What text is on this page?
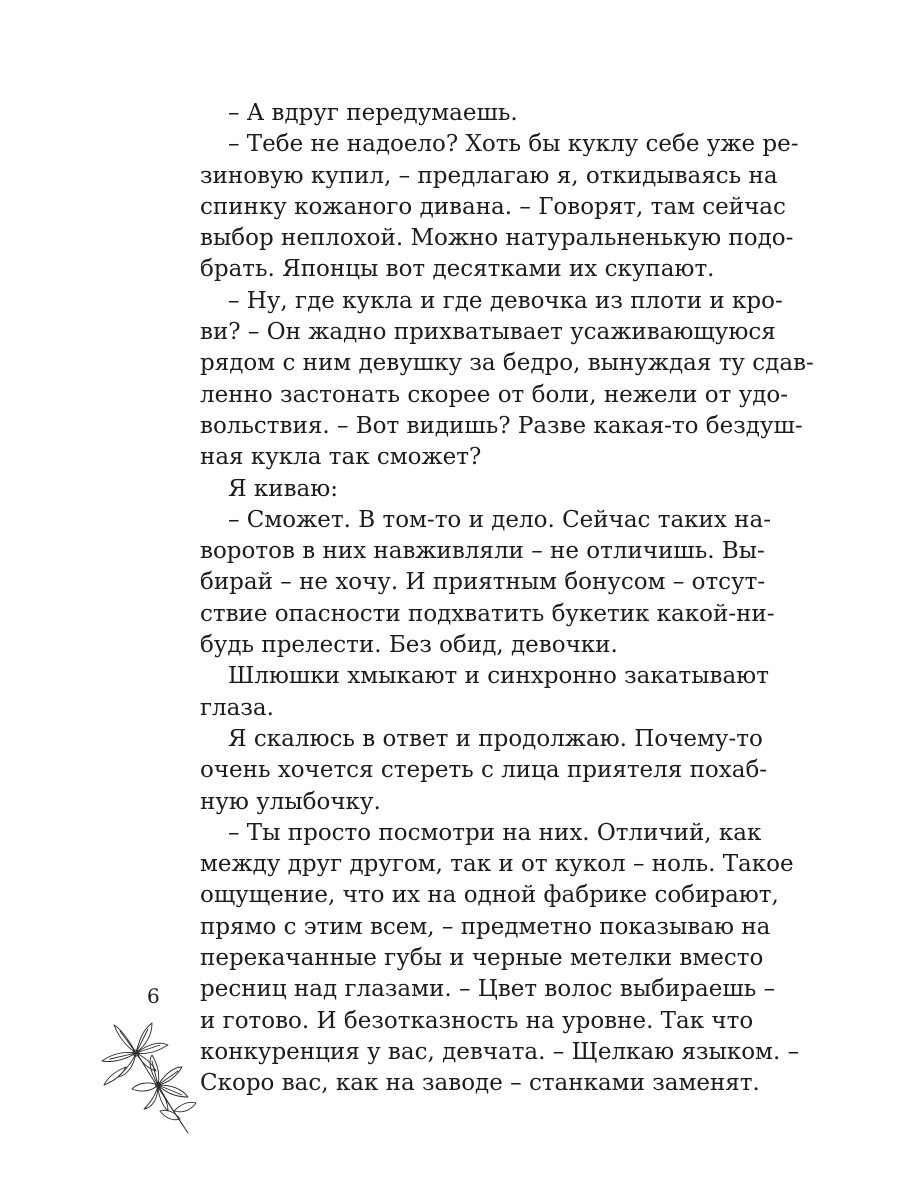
– А вдруг передумаешь.
– Тебе не надоело? Хоть бы куклу себе уже ре-
зиновую купил, – предлагаю я, откидываясь на
спинку кожаного дивана. – Говорят, там сейчас
выбор неплохой. Можно натуральненькую подо-
брать. Японцы вот десятками их скупают.
– Ну, где кукла и где девочка из плоти и кро-
ви? – Он жадно прихватывает усаживающуюся
рядом с ним девушку за бедро, вынуждая ту сдав-
ленно застонать скорее от боли, нежели от удо-
вольствия. – Вот видишь? Разве какая-то бездуш-
ная кукла так сможет?
Я киваю:
– Сможет. В том-то и дело. Сейчас таких на-
воротов в них навживляли – не отличишь. Вы-
бирай – не хочу. И приятным бонусом – отсут-
ствие опасности подхватить букетик какой-ни-
будь прелести. Без обид, девочки.
Шлюшки хмыкают и синхронно закатывают
глаза.
Я скалюсь в ответ и продолжаю. Почему-то
очень хочется стереть с лица приятеля похаб-
ную улыбочку.
– Ты просто посмотри на них. Отличий, как
между друг другом, так и от кукол – ноль. Такое
ощущение, что их на одной фабрике собирают,
прямо с этим всем, – предметно показываю на
перекачанные губы и черные метелки вместо
ресниц над глазами. – Цвет волос выбираешь –
и готово. И безотказность на уровне. Так что
конкуренция у вас, девчата. – Щелкаю языком. –
Скоро вас, как на заводе – станками заменят.
6
